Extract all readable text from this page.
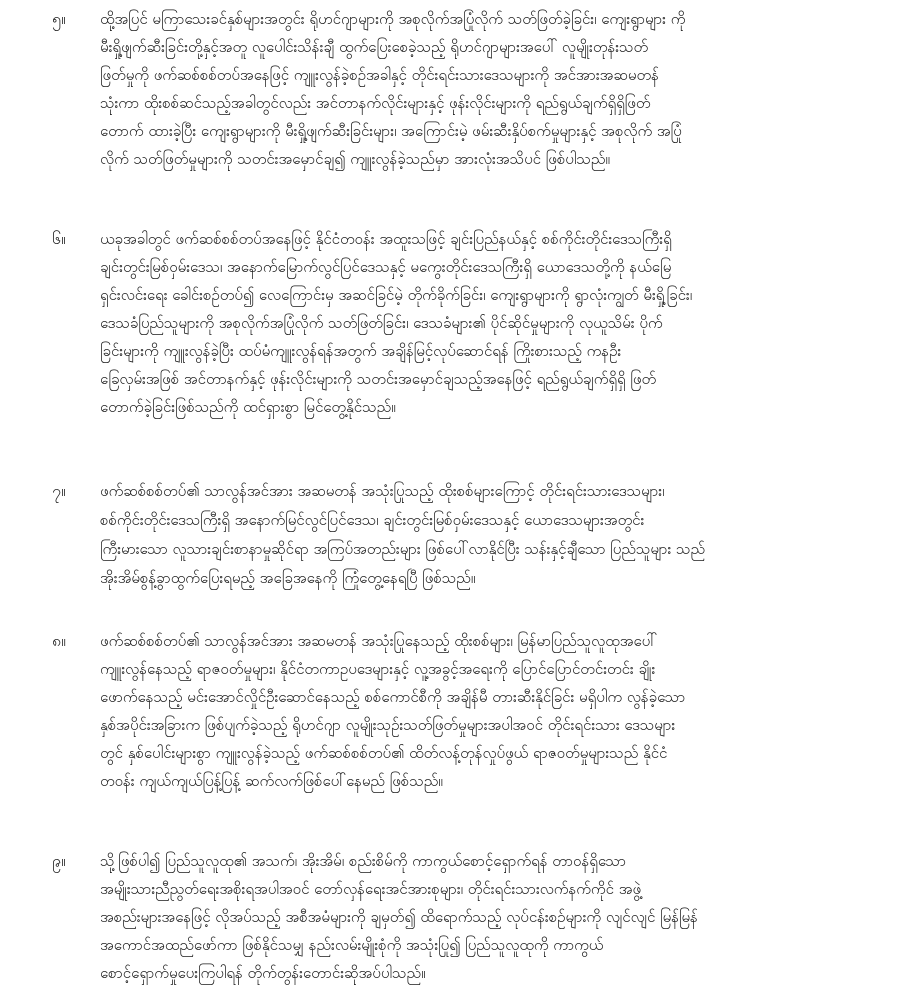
၅။ ထို့အပြင် မကြာသေးခင်နှစ်များအတွင်း ရိုဟင်ဂျာများကို အစုလိုက်အပြုံလိုက် သတ်ဖြတ်ခဲ့ခြင်း၊ ကျေးရွာများ ကို
မီးရှို့ဖျက်ဆီးခြင်းတို့နှင့်အတူ လူပေါင်းသိန်းချီ ထွက်ပြေးစေခဲ့သည့် ရိုဟင်ဂျာများအပေါ် လူမျိုးတုန်းသတ်
ဖြတ်မှုကို ဖက်ဆစ်စစ်တပ်အနေဖြင့် ကျူးလွန်ခဲ့စဉ်အခါနှင့် တိုင်းရင်းသားဒေသများကို အင်အားအဆမတန်
သုံးကာ ထိုးစစ်ဆင်သည့်အခါတွင်လည်း အင်တာနက်လိုင်းများနှင့် ဖုန်းလိုင်းများကို ရည်ရွယ်ချက်ရှိရှိဖြတ်
တောက် ထားခဲ့ပြီး ကျေးရွာများကို မီးရှို့ဖျက်ဆီးခြင်းများ၊ အကြောင်းမဲ့ ဖမ်းဆီးနှိပ်စက်မှုများနှင့် အစုလိုက် အပြုံ
လိုက် သတ်ဖြတ်မှုများကို သတင်းအမှောင်ချ၍ ကျူးလွန်ခဲ့သည်မှာ အားလုံးအသိပင် ဖြစ်ပါသည်။
၆။ ယခုအခါတွင် ဖက်ဆစ်စစ်တပ်အနေဖြင့် နိုင်ငံတဝန်း အထူးသဖြင့် ချင်းပြည်နယ်နှင့် စစ်ကိုင်းတိုင်းဒေသကြီးရှိ
ချင်းတွင်းမြစ်ဝှမ်းဒေသ၊ အနောက်မြောက်လွင်ပြင်ဒေသနှင့် မကွေးတိုင်းဒေသကြီးရှိ ယောဒေသတို့ကို နယ်မြေ
ရှင်းလင်းရေး ခေါင်းစဉ်တပ်၍ လေကြောင်းမှ အဆင်ခြင်မဲ့ တိုက်ခိုက်ခြင်း၊ ကျေးရွာများကို ရွာလုံးကျွတ် မီးရှို့ခြင်း၊
ဒေသခံပြည်သူများကို အစုလိုက်အပြုံလိုက် သတ်ဖြတ်ခြင်း၊ ဒေသခံများ၏ ပိုင်ဆိုင်မှုများကို လုယူသိမ်း ပိုက်
ခြင်းများကို ကျူးလွန်ခဲ့ပြီး ထပ်မံကျူးလွန်ရန်အတွက် အချိန်မြင့်လုပ်ဆောင်ရန် ကြိုးစားသည့် ကနဦး
ခြေလှမ်းအဖြစ် အင်တာနက်နှင့် ဖုန်းလိုင်းများကို သတင်းအမှောင်ချသည့်အနေဖြင့် ရည်ရွယ်ချက်ရှိရှိ ဖြတ်
တောက်ခဲ့ခြင်းဖြစ်သည်ကို ထင်ရှားစွာ မြင်တွေ့နိုင်သည်။
၇။ ဖက်ဆစ်စစ်တပ်၏ သာလွန်အင်အား အဆမတန် အသုံးပြုသည့် ထိုးစစ်များကြောင့် တိုင်းရင်းသားဒေသများ၊
စစ်ကိုင်းတိုင်းဒေသကြီးရှိ အနောက်မြင်လွင်ပြင်ဒေသ၊ ချင်းတွင်းမြစ်ဝှမ်းဒေသနှင့် ယောဒေသများအတွင်း
ကြီးမားသော လူသားချင်းစာနာမှုဆိုင်ရာ အကြပ်အတည်းများ ဖြစ်ပေါ်လာနိုင်ပြီး သန်းနှင့်ချီသော ပြည်သူများ သည်
အိုးအိမ်စွန့်ခွာထွက်ပြေးရမည့် အခြေအနေကို ကြုံတွေ့နေရပြီ ဖြစ်သည်။
၈။ ဖက်ဆစ်စစ်တပ်၏ သာလွန်အင်အား အဆမတန် အသုံးပြုနေသည့် ထိုးစစ်များ၊ မြန်မာပြည်သူလူထုအပေါ်
ကျူးလွန်နေသည့် ရာဇဝတ်မှုများ၊ နိုင်ငံတကာဥပဒေများနှင့် လူ့အခွင့်အရေးကို ပြောင်ပြောင်တင်းတင်း ချိုး
ဖောက်နေသည့် မင်းအောင်လှိုင်ဦးဆောင်နေသည့် စစ်ကောင်စီကို အချိန်မီ တားဆီးနိုင်ခြင်း မရှိပါက လွန်ခဲ့သော
နှစ်အပိုင်းအခြားက ဖြစ်ပျက်ခဲ့သည့် ရိုဟင်ဂျာ လူမျိုးသုဉ်းသတ်ဖြတ်မှုများအပါအဝင် တိုင်းရင်းသား ဒေသများ
တွင် နှစ်ပေါင်းများစွာ ကျူးလွန်ခဲ့သည့် ဖက်ဆစ်စစ်တပ်၏ ထိတ်လန့်တုန်လှုပ်ဖွယ် ရာဇဝတ်မှုများသည် နိုင်ငံ
တဝန်း ကျယ်ကျယ်ပြန့်ပြန့် ဆက်လက်ဖြစ်ပေါ်နေမည် ဖြစ်သည်။
၉။ သို့ဖြစ်ပါ၍ ပြည်သူလူထု၏ အသက်၊ အိုးအိမ်၊ စည်းစိမ်ကို ကာကွယ်စောင့်ရှောက်ရန် တာဝန်ရှိသော
အမျိုးသားညီညွတ်ရေးအစိုးရအပါအဝင် တော်လှန်ရေးအင်အားစုများ၊ တိုင်းရင်းသားလက်နက်ကိုင် အဖွဲ့
အစည်းများအနေဖြင့် လိုအပ်သည့် အစီအမံများကို ချမှတ်၍ ထိရောက်သည့် လုပ်ငန်းစဉ်များကို လျင်လျင် မြန်မြန်
အကောင်အထည်ဖော်ကာ ဖြစ်နိုင်သမျှ နည်းလမ်းမျိုးစုံကို အသုံးပြု၍ ပြည်သူလူထုကို ကာကွယ်
စောင့်ရှောက်မှုပေးကြပါရန် တိုက်တွန်းတောင်းဆိုအပ်ပါသည်။
